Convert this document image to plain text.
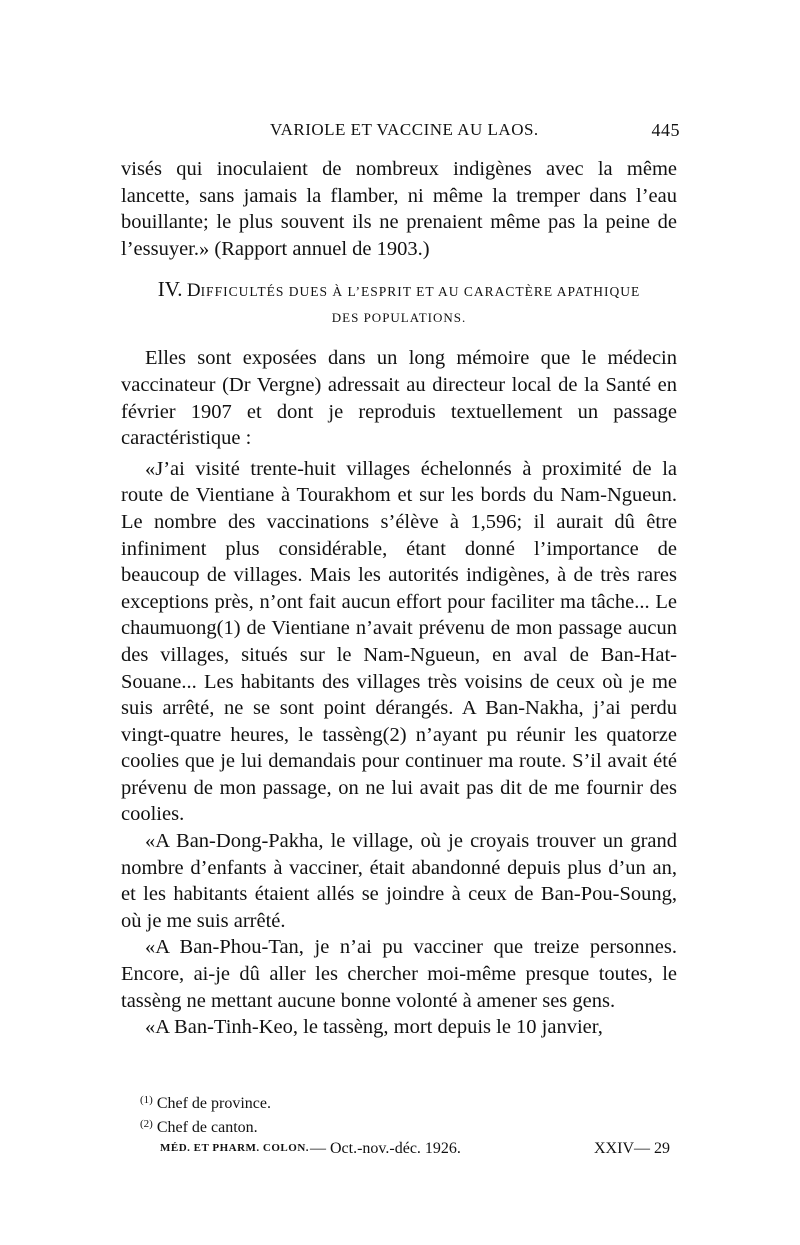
VARIOLE ET VACCINE AU LAOS.	445

visés qui inoculaient de nombreux indigènes avec la même lancette, sans jamais la flamber, ni même la tremper dans l’eau bouillante; le plus souvent ils ne prenaient même pas la peine de l’essuyer.» (Rapport annuel de 1903.)

IV. DIFFICULTÉS DUES À L’ESPRIT ET AU CARACTÈRE APATHIQUE
DES POPULATIONS.

Elles sont exposées dans un long mémoire que le médecin vaccinateur (Dr Vergne) adressait au directeur local de la Santé en février 1907 et dont je reproduis textuellement un passage caractéristique :

«J’ai visité trente-huit villages échelonnés à proximité de la route de Vientiane à Tourakhom et sur les bords du Nam-Ngueun. Le nombre des vaccinations s’élève à 1,596; il aurait dû être infiniment plus considérable, étant donné l’importance de beaucoup de villages. Mais les autorités indigènes, à de très rares exceptions près, n’ont fait aucun effort pour faciliter ma tâche... Le chaumuong(1) de Vientiane n’avait prévenu de mon passage aucun des villages, situés sur le Nam-Ngueun, en aval de Ban-Hat-Souane... Les habitants des villages très voisins de ceux où je me suis arrêté, ne se sont point dérangés. A Ban-Nakha, j’ai perdu vingt-quatre heures, le tassèng(2) n’ayant pu réunir les quatorze coolies que je lui demandais pour continuer ma route. S’il avait été prévenu de mon passage, on ne lui avait pas dit de me fournir des coolies.

«A Ban-Dong-Pakha, le village, où je croyais trouver un grand nombre d’enfants à vacciner, était abandonné depuis plus d’un an, et les habitants étaient allés se joindre à ceux de Ban-Pou-Soung, où je me suis arrêté.

«A Ban-Phou-Tan, je n’ai pu vacciner que treize personnes. Encore, ai-je dû aller les chercher moi-même presque toutes, le tassèng ne mettant aucune bonne volonté à amener ses gens.

«A Ban-Tinh-Keo, le tassèng, mort depuis le 10 janvier,

$^{(1)}$ Chef de province.
$^{(2)}$ Chef de canton.
MÉD. ET PHARM. COLON. — Oct.-nov.-déc. 1926.	XXIV— 29
